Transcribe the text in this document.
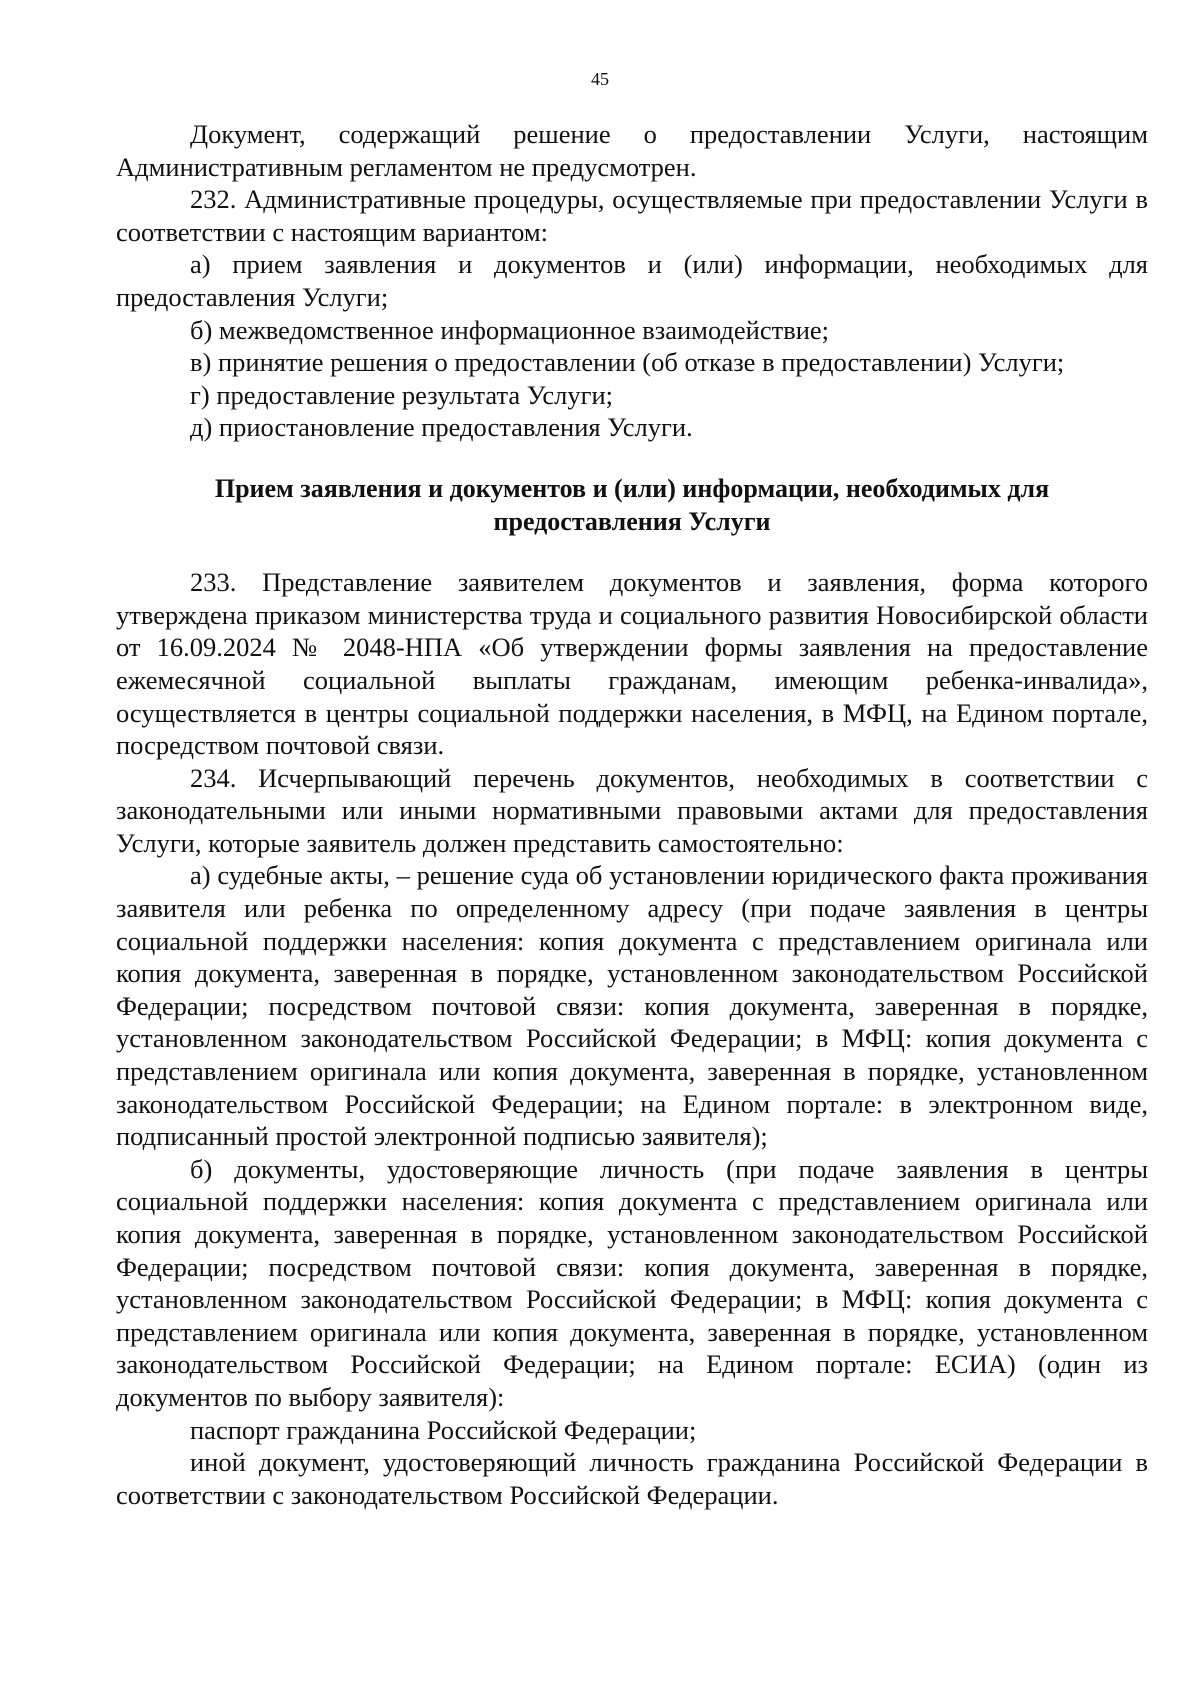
45

Документ, содержащий решение о предоставлении Услуги, настоящим Административным регламентом не предусмотрен.

232. Административные процедуры, осуществляемые при предоставлении Услуги в соответствии с настоящим вариантом:

а) прием заявления и документов и (или) информации, необходимых для предоставления Услуги;

б) межведомственное информационное взаимодействие;

в) принятие решения о предоставлении (об отказе в предоставлении) Услуги;

г) предоставление результата Услуги;

д) приостановление предоставления Услуги.

Прием заявления и документов и (или) информации, необходимых для
предоставления Услуги

233. Представление заявителем документов и заявления, форма которого утверждена приказом министерства труда и социального развития Новосибирской области от 16.09.2024 № 2048-НПА «Об утверждении формы заявления на предоставление ежемесячной социальной выплаты гражданам, имеющим ребенка-инвалида», осуществляется в центры социальной поддержки населения, в МФЦ, на Едином портале, посредством почтовой связи.

234. Исчерпывающий перечень документов, необходимых в соответствии с законодательными или иными нормативными правовыми актами для предоставления Услуги, которые заявитель должен представить самостоятельно:

а) судебные акты, – решение суда об установлении юридического факта проживания заявителя или ребенка по определенному адресу (при подаче заявления в центры социальной поддержки населения: копия документа с представлением оригинала или копия документа, заверенная в порядке, установленном законодательством Российской Федерации; посредством почтовой связи: копия документа, заверенная в порядке, установленном законодательством Российской Федерации; в МФЦ: копия документа с представлением оригинала или копия документа, заверенная в порядке, установленном законодательством Российской Федерации; на Едином портале: в электронном виде, подписанный простой электронной подписью заявителя);

б) документы, удостоверяющие личность (при подаче заявления в центры социальной поддержки населения: копия документа с представлением оригинала или копия документа, заверенная в порядке, установленном законодательством Российской Федерации; посредством почтовой связи: копия документа, заверенная в порядке, установленном законодательством Российской Федерации; в МФЦ: копия документа с представлением оригинала или копия документа, заверенная в порядке, установленном законодательством Российской Федерации; на Едином портале: ЕСИА) (один из документов по выбору заявителя):

паспорт гражданина Российской Федерации;

иной документ, удостоверяющий личность гражданина Российской Федерации в соответствии с законодательством Российской Федерации.
